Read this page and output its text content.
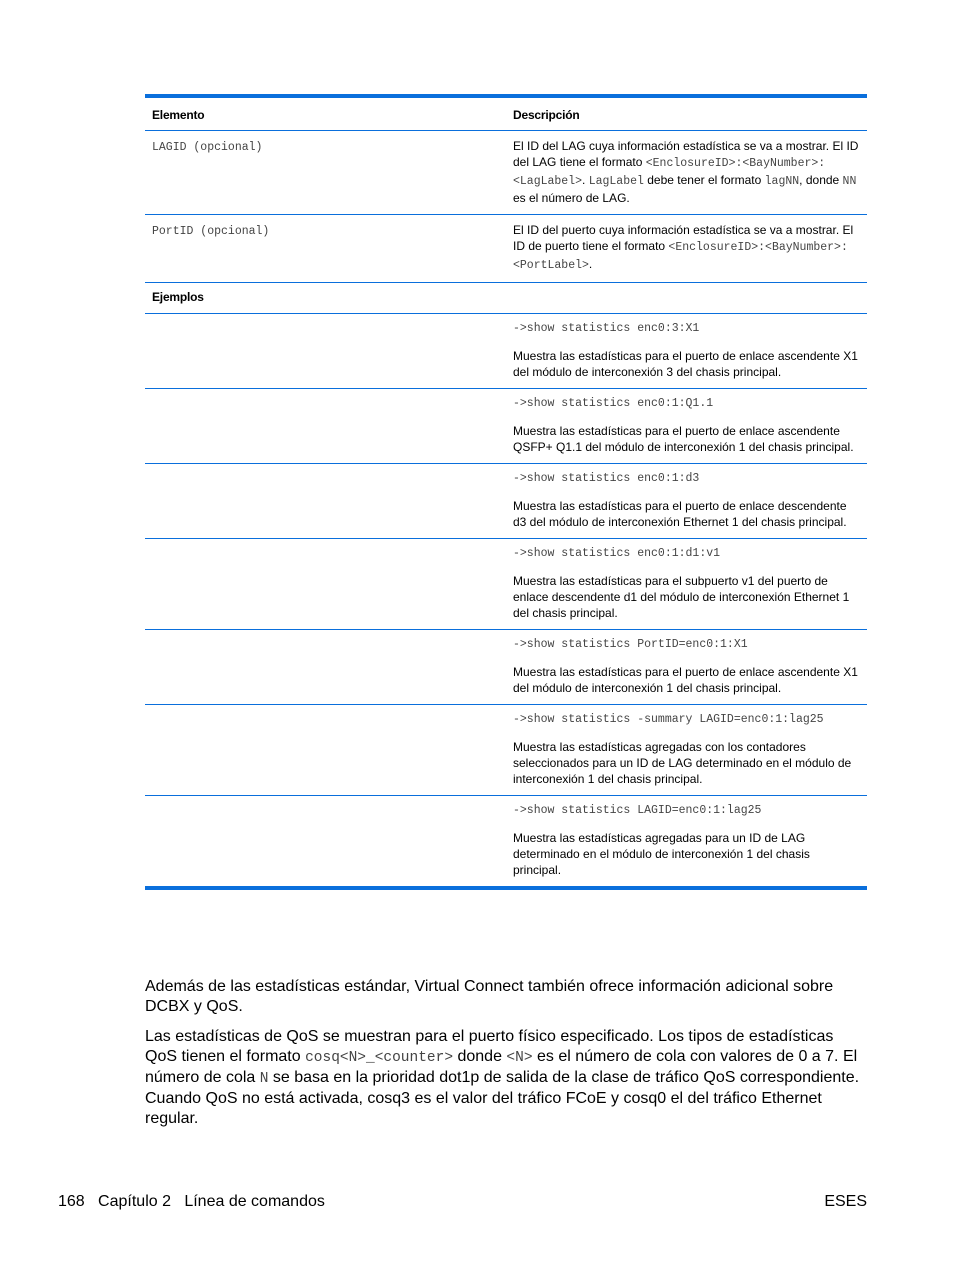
Elemento	Descripción
LAGID (opcional)	El ID del LAG cuya información estadística se va a mostrar. El ID del LAG tiene el formato <EnclosureID>:<BayNumber>:<LagLabel>. LagLabel debe tener el formato lagNN, donde NN es el número de LAG.
PortID (opcional)	El ID del puerto cuya información estadística se va a mostrar. El ID de puerto tiene el formato <EnclosureID>:<BayNumber>:<PortLabel>.
Ejemplos	

	->show statistics enc0:3:X1
Muestra las estadísticas para el puerto de enlace ascendente X1 del módulo de interconexión 3 del chasis principal.

	->show statistics enc0:1:Q1.1
Muestra las estadísticas para el puerto de enlace ascendente QSFP+ Q1.1 del módulo de interconexión 1 del chasis principal.

	->show statistics enc0:1:d3
Muestra las estadísticas para el puerto de enlace descendente d3 del módulo de interconexión Ethernet 1 del chasis principal.

	->show statistics enc0:1:d1:v1
Muestra las estadísticas para el subpuerto v1 del puerto de enlace descendente d1 del módulo de interconexión Ethernet 1 del chasis principal.

	->show statistics PortID=enc0:1:X1
Muestra las estadísticas para el puerto de enlace ascendente X1 del módulo de interconexión 1 del chasis principal.

	->show statistics -summary LAGID=enc0:1:lag25
Muestra las estadísticas agregadas con los contadores seleccionados para un ID de LAG determinado en el módulo de interconexión 1 del chasis principal.

	->show statistics LAGID=enc0:1:lag25
Muestra las estadísticas agregadas para un ID de LAG determinado en el módulo de interconexión 1 del chasis principal.

Además de las estadísticas estándar, Virtual Connect también ofrece información adicional sobre DCBX y QoS.

Las estadísticas de QoS se muestran para el puerto físico especificado. Los tipos de estadísticas QoS tienen el formato cosq<N>_<counter> donde <N> es el número de cola con valores de 0 a 7. El número de cola N se basa en la prioridad dot1p de salida de la clase de tráfico QoS correspondiente. Cuando QoS no está activada, cosq3 es el valor del tráfico FCoE y cosq0 el del tráfico Ethernet regular.

168 Capítulo 2 Línea de comandos	ESES
